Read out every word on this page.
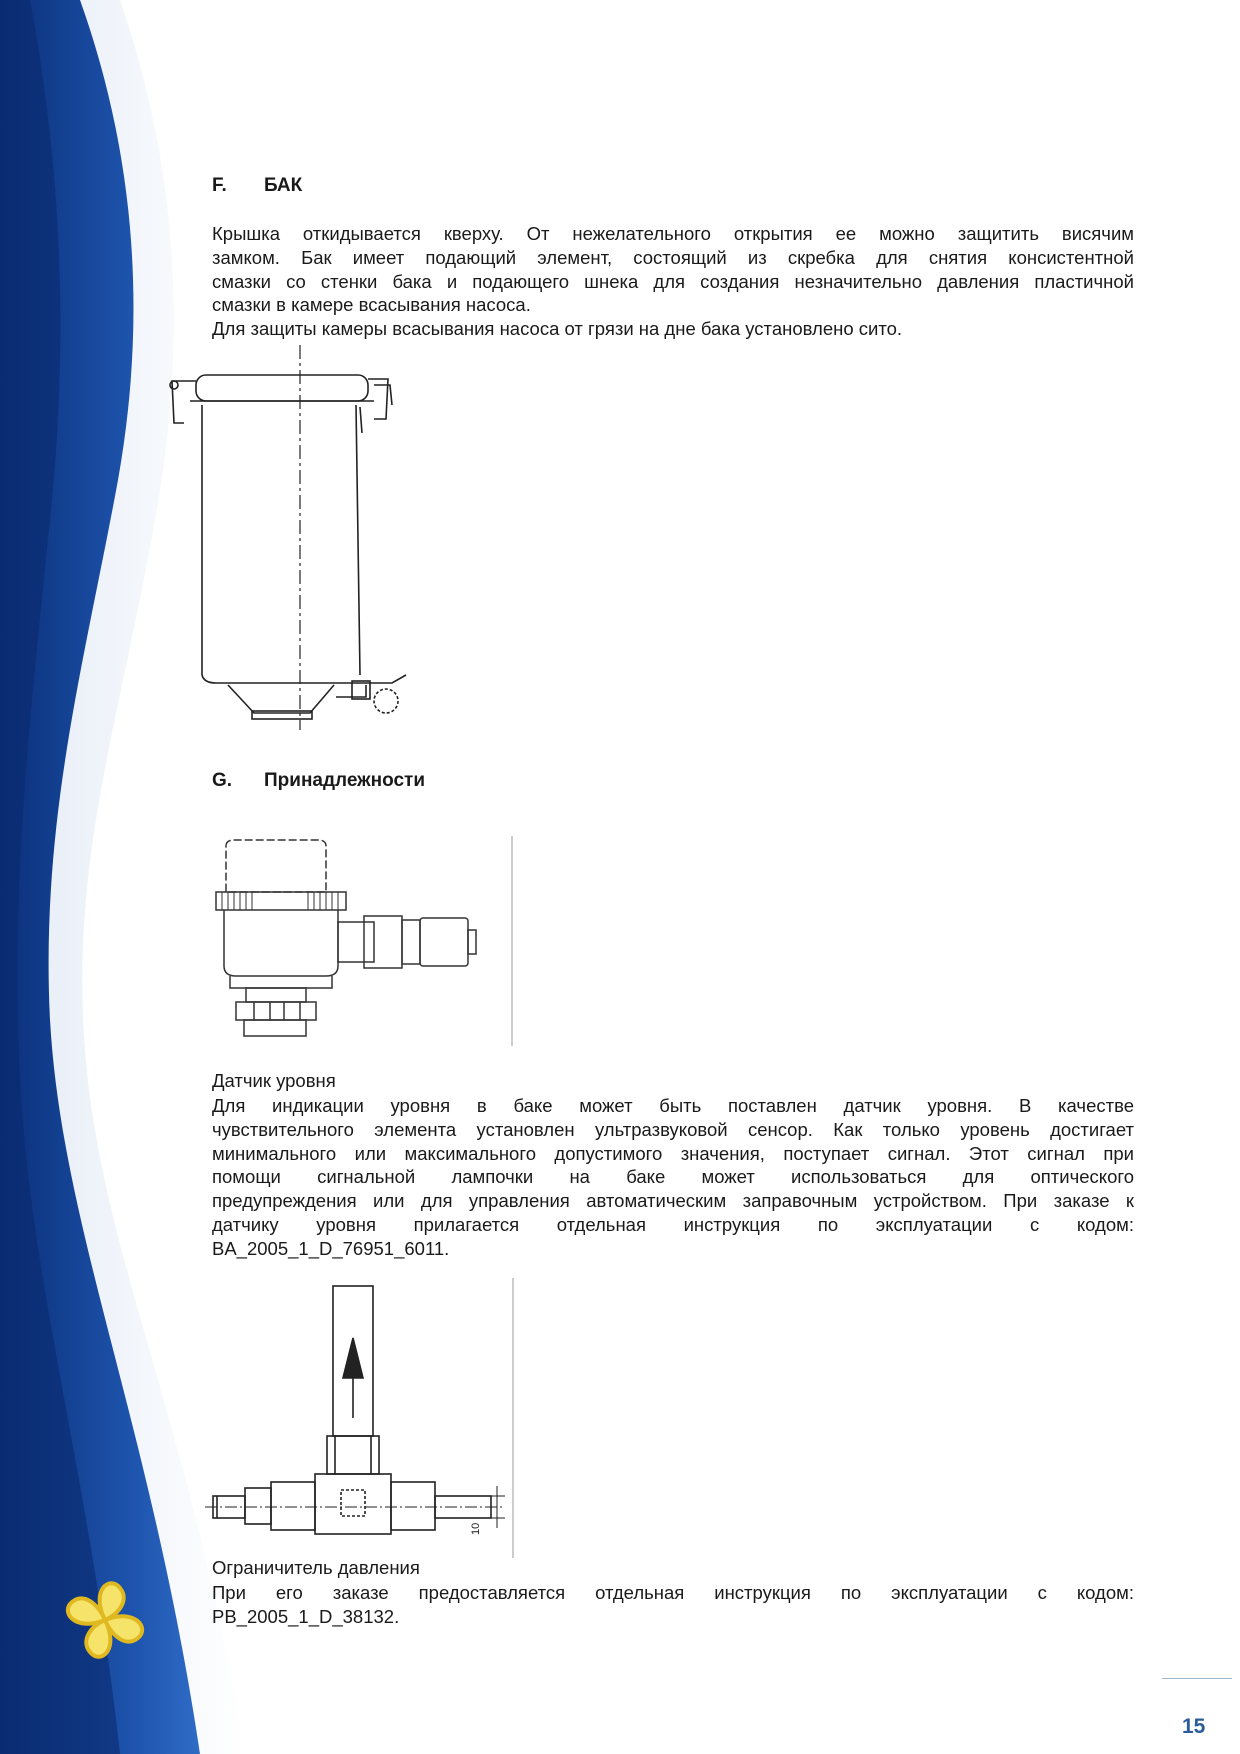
F.	БАК
Крышка откидывается кверху. От нежелательного открытия ее можно защитить висячим
замком. Бак имеет подающий элемент, состоящий из скребка для снятия консистентной
смазки со стенки бака и подающего шнека для создания незначительно давления пластичной
смазки в камере всасывания насоса.
Для защиты камеры всасывания насоса от грязи на дне бака установлено сито.
G.	Принадлежности
Датчик уровня
Для индикации уровня в баке может быть поставлен датчик уровня. В качестве
чувствительного элемента установлен ультразвуковой сенсор. Как только уровень достигает
минимального или максимального допустимого значения, поступает сигнал. Этот сигнал при
помощи сигнальной лампочки на баке может использоваться для оптического
предупреждения или для управления автоматическим заправочным устройством. При заказе к
датчику уровня прилагается отдельная инструкция по эксплуатации с кодом:
BA_2005_1_D_76951_6011.
10
Ограничитель давления
При его заказе предоставляется отдельная инструкция по эксплуатации с кодом:
PB_2005_1_D_38132.
15
